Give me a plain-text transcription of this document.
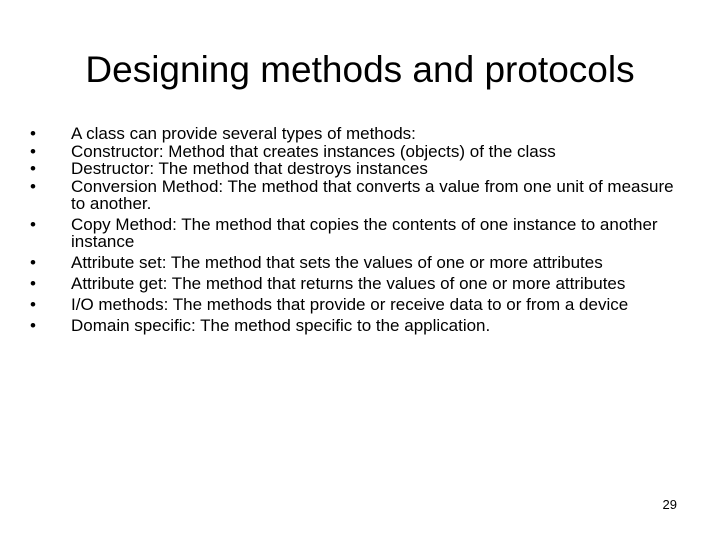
Designing methods and protocols
• A class can provide several types of methods:
• Constructor: Method that creates instances (objects) of the class
• Destructor: The method that destroys instances
• Conversion Method: The method that converts a value from one unit of measure to another.
• Copy Method: The method that copies the contents of one instance to another instance
• Attribute set: The method that sets the values of one or more attributes
• Attribute get: The method that returns the values of one or more attributes
• I/O methods: The methods that provide or receive data to or from a device
• Domain specific: The method specific to the application.
29
